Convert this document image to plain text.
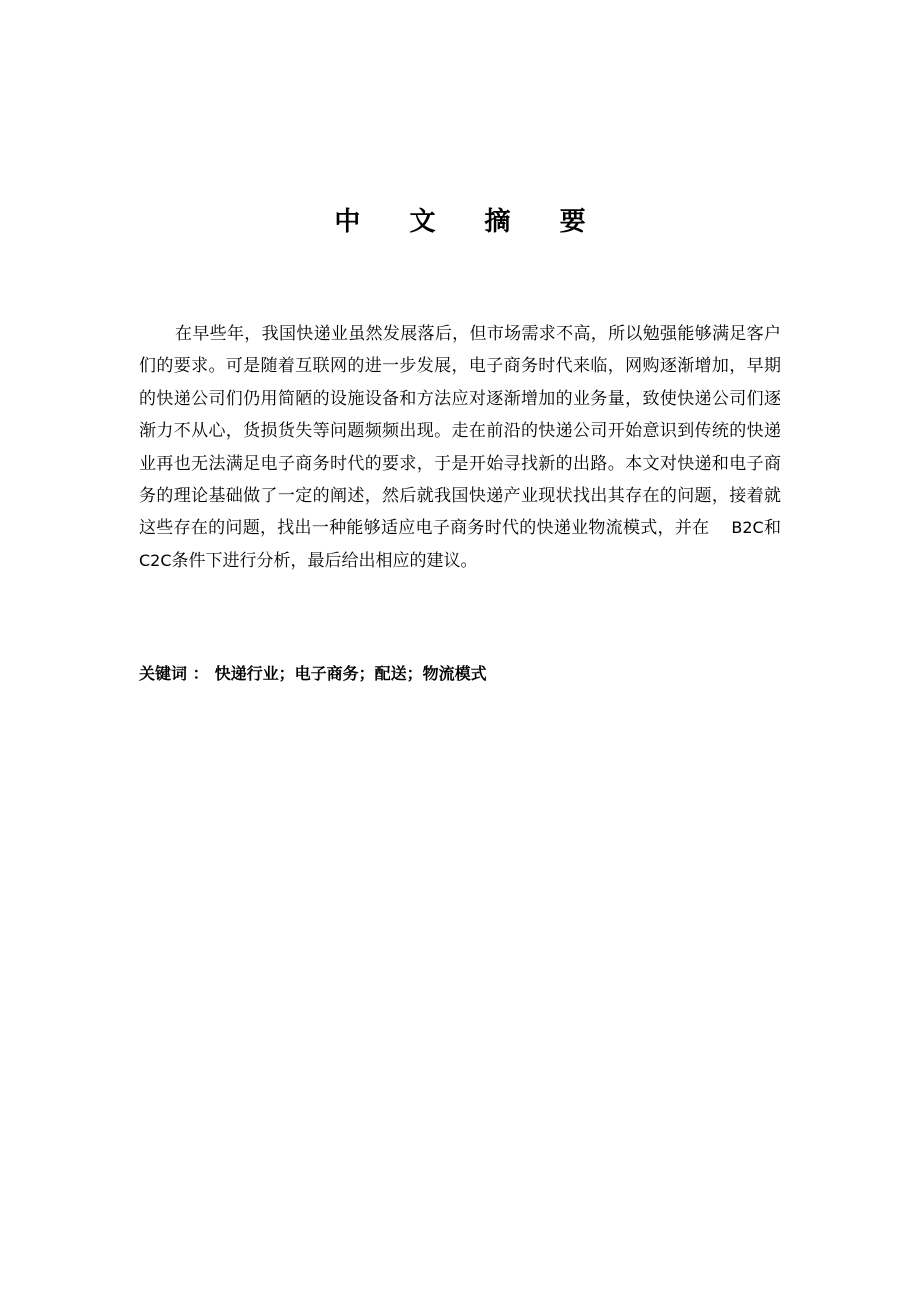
中 文 摘 要

在早些年，我国快递业虽然发展落后，但市场需求不高，所以勉强能够满足客户们的要求。可是随着互联网的进一步发展，电子商务时代来临，网购逐渐增加，早期的快递公司们仍用简陋的设施设备和方法应对逐渐增加的业务量，致使快递公司们逐渐力不从心，货损货失等问题频频出现。走在前沿的快递公司开始意识到传统的快递业再也无法满足电子商务时代的要求，于是开始寻找新的出路。本文对快递和电子商务的理论基础做了一定的阐述，然后就我国快递产业现状找出其存在的问题，接着就这些存在的问题，找出一种能够适应电子商务时代的快递业物流模式，并在 B2C和C2C条件下进行分析，最后给出相应的建议。

关键词 ： 快递行业；电子商务；配送；物流模式
